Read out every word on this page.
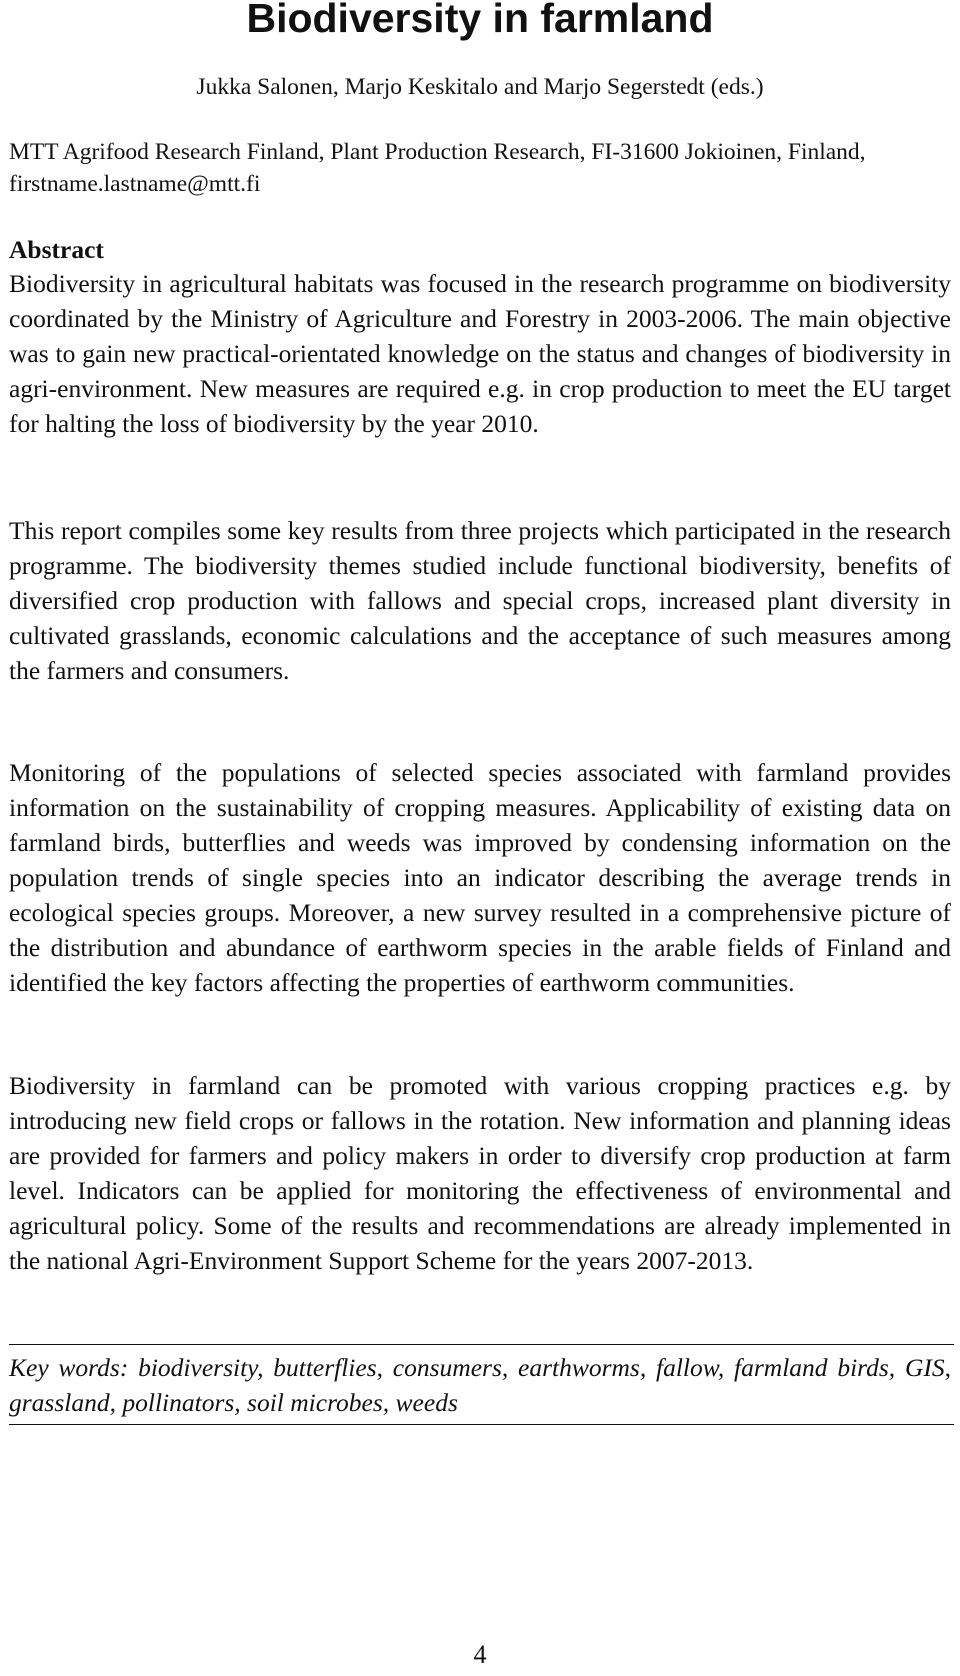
Biodiversity in farmland
Jukka Salonen, Marjo Keskitalo and Marjo Segerstedt (eds.)
MTT Agrifood Research Finland, Plant Production Research, FI-31600 Jokioinen, Finland, firstname.lastname@mtt.fi
Abstract

Biodiversity in agricultural habitats was focused in the research programme on biodiversity coordinated by the Ministry of Agriculture and Forestry in 2003-2006. The main objective was to gain new practical-orientated knowledge on the status and changes of biodiversity in agri-environment. New measures are required e.g. in crop production to meet the EU target for halting the loss of biodiversity by the year 2010.

This report compiles some key results from three projects which participated in the research programme. The biodiversity themes studied include functional biodiversity, benefits of diversified crop production with fallows and special crops, increased plant diversity in cultivated grasslands, economic calculations and the acceptance of such measures among the farmers and consumers.

Monitoring of the populations of selected species associated with farmland provides information on the sustainability of cropping measures. Applicability of existing data on farmland birds, butterflies and weeds was improved by condensing information on the population trends of single species into an indicator describing the average trends in ecological species groups. Moreover, a new survey resulted in a comprehensive picture of the distribution and abundance of earthworm species in the arable fields of Finland and identified the key factors affecting the properties of earthworm communities.

Biodiversity in farmland can be promoted with various cropping practices e.g. by introducing new field crops or fallows in the rotation. New information and planning ideas are provided for farmers and policy makers in order to diversify crop production at farm level. Indicators can be applied for monitoring the effectiveness of environmental and agricultural policy. Some of the results and recommendations are already implemented in the national Agri-Environment Support Scheme for the years 2007-2013.

Key words: biodiversity, butterflies, consumers, earthworms, fallow, farmland birds, GIS, grassland, pollinators, soil microbes, weeds
4
